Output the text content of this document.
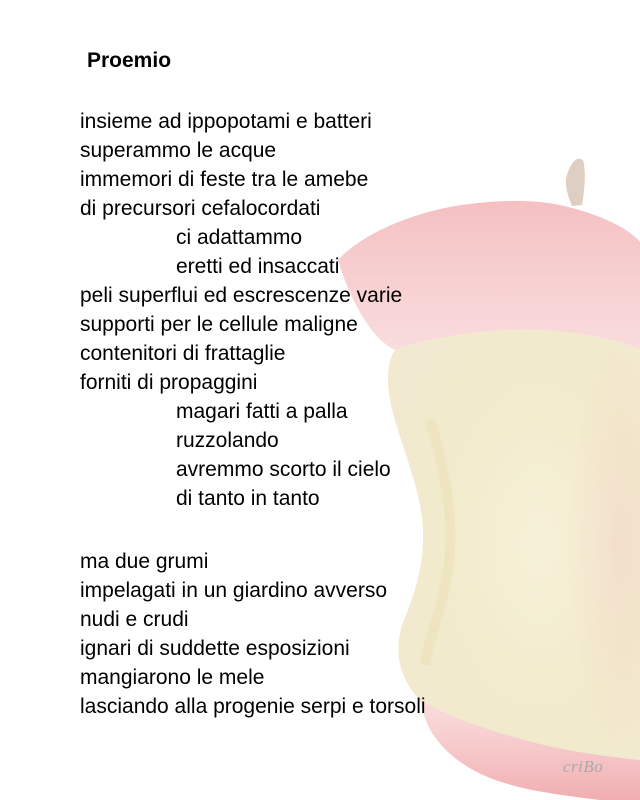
Proemio
insieme ad ippopotami e batteri
superammo le acque
immemori di feste tra le amebe
di precursori cefalocordati
ci adattammo
eretti ed insaccati
peli superflui ed escrescenze varie
supporti per le cellule maligne
contenitori di frattaglie
forniti di propaggini
magari fatti a palla
ruzzolando
avremmo scorto il cielo
di tanto in tanto
ma due grumi
impelagati in un giardino avverso
nudi e crudi
ignari di suddette esposizioni
mangiarono le mele
lasciando alla progenie serpi e torsoli
criBo
